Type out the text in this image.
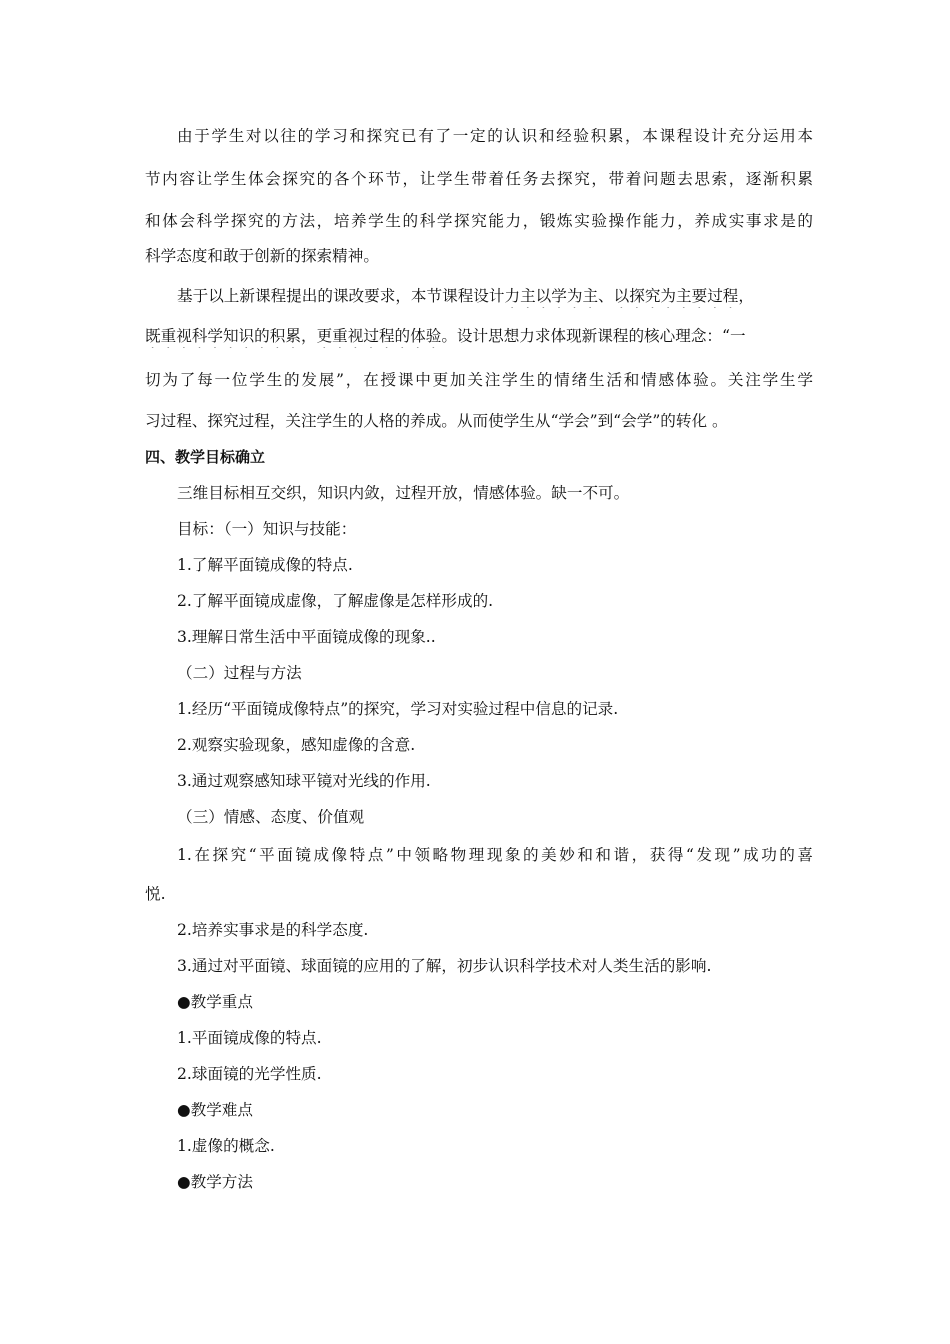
由于学生对以往的学习和探究已有了一定的认识和经验积累，本课程设计充分运用本
节内容让学生体会探究的各个环节，让学生带着任务去探究，带着问题去思索，逐渐积累
和体会科学探究的方法，培养学生的科学探究能力，锻炼实验操作能力，养成实事求是的
科学态度和敢于创新的探索精神。
基于以上新课程提出的课改要求，本节课程设计力主以学为主、以探究为主要过程，
既重视科学知识的积累，更重视过程的体验。设计思想力求体现新课程的核心理念：“一
切为了每一位学生的发展”，在授课中更加关注学生的情绪生活和情感体验。关注学生学
习过程、探究过程，关注学生的人格的养成。从而使学生从“学会”到“会学”的转化 。
四、教学目标确立
三维目标相互交织，知识内敛，过程开放，情感体验。缺一不可。
目标：（一）知识与技能：
1.了解平面镜成像的特点.
2.了解平面镜成虚像，了解虚像是怎样形成的.
3.理解日常生活中平面镜成像的现象..
（二）过程与方法
1.经历“平面镜成像特点”的探究，学习对实验过程中信息的记录.
2.观察实验现象，感知虚像的含意.
3.通过观察感知球平镜对光线的作用.
（三）情感、态度、价值观
1.在探究“平面镜成像特点”中领略物理现象的美妙和和谐，获得“发现”成功的喜
悦.
2.培养实事求是的科学态度.
3.通过对平面镜、球面镜的应用的了解，初步认识科学技术对人类生活的影响.
●教学重点
1.平面镜成像的特点.
2.球面镜的光学性质.
●教学难点
1.虚像的概念.
●教学方法
